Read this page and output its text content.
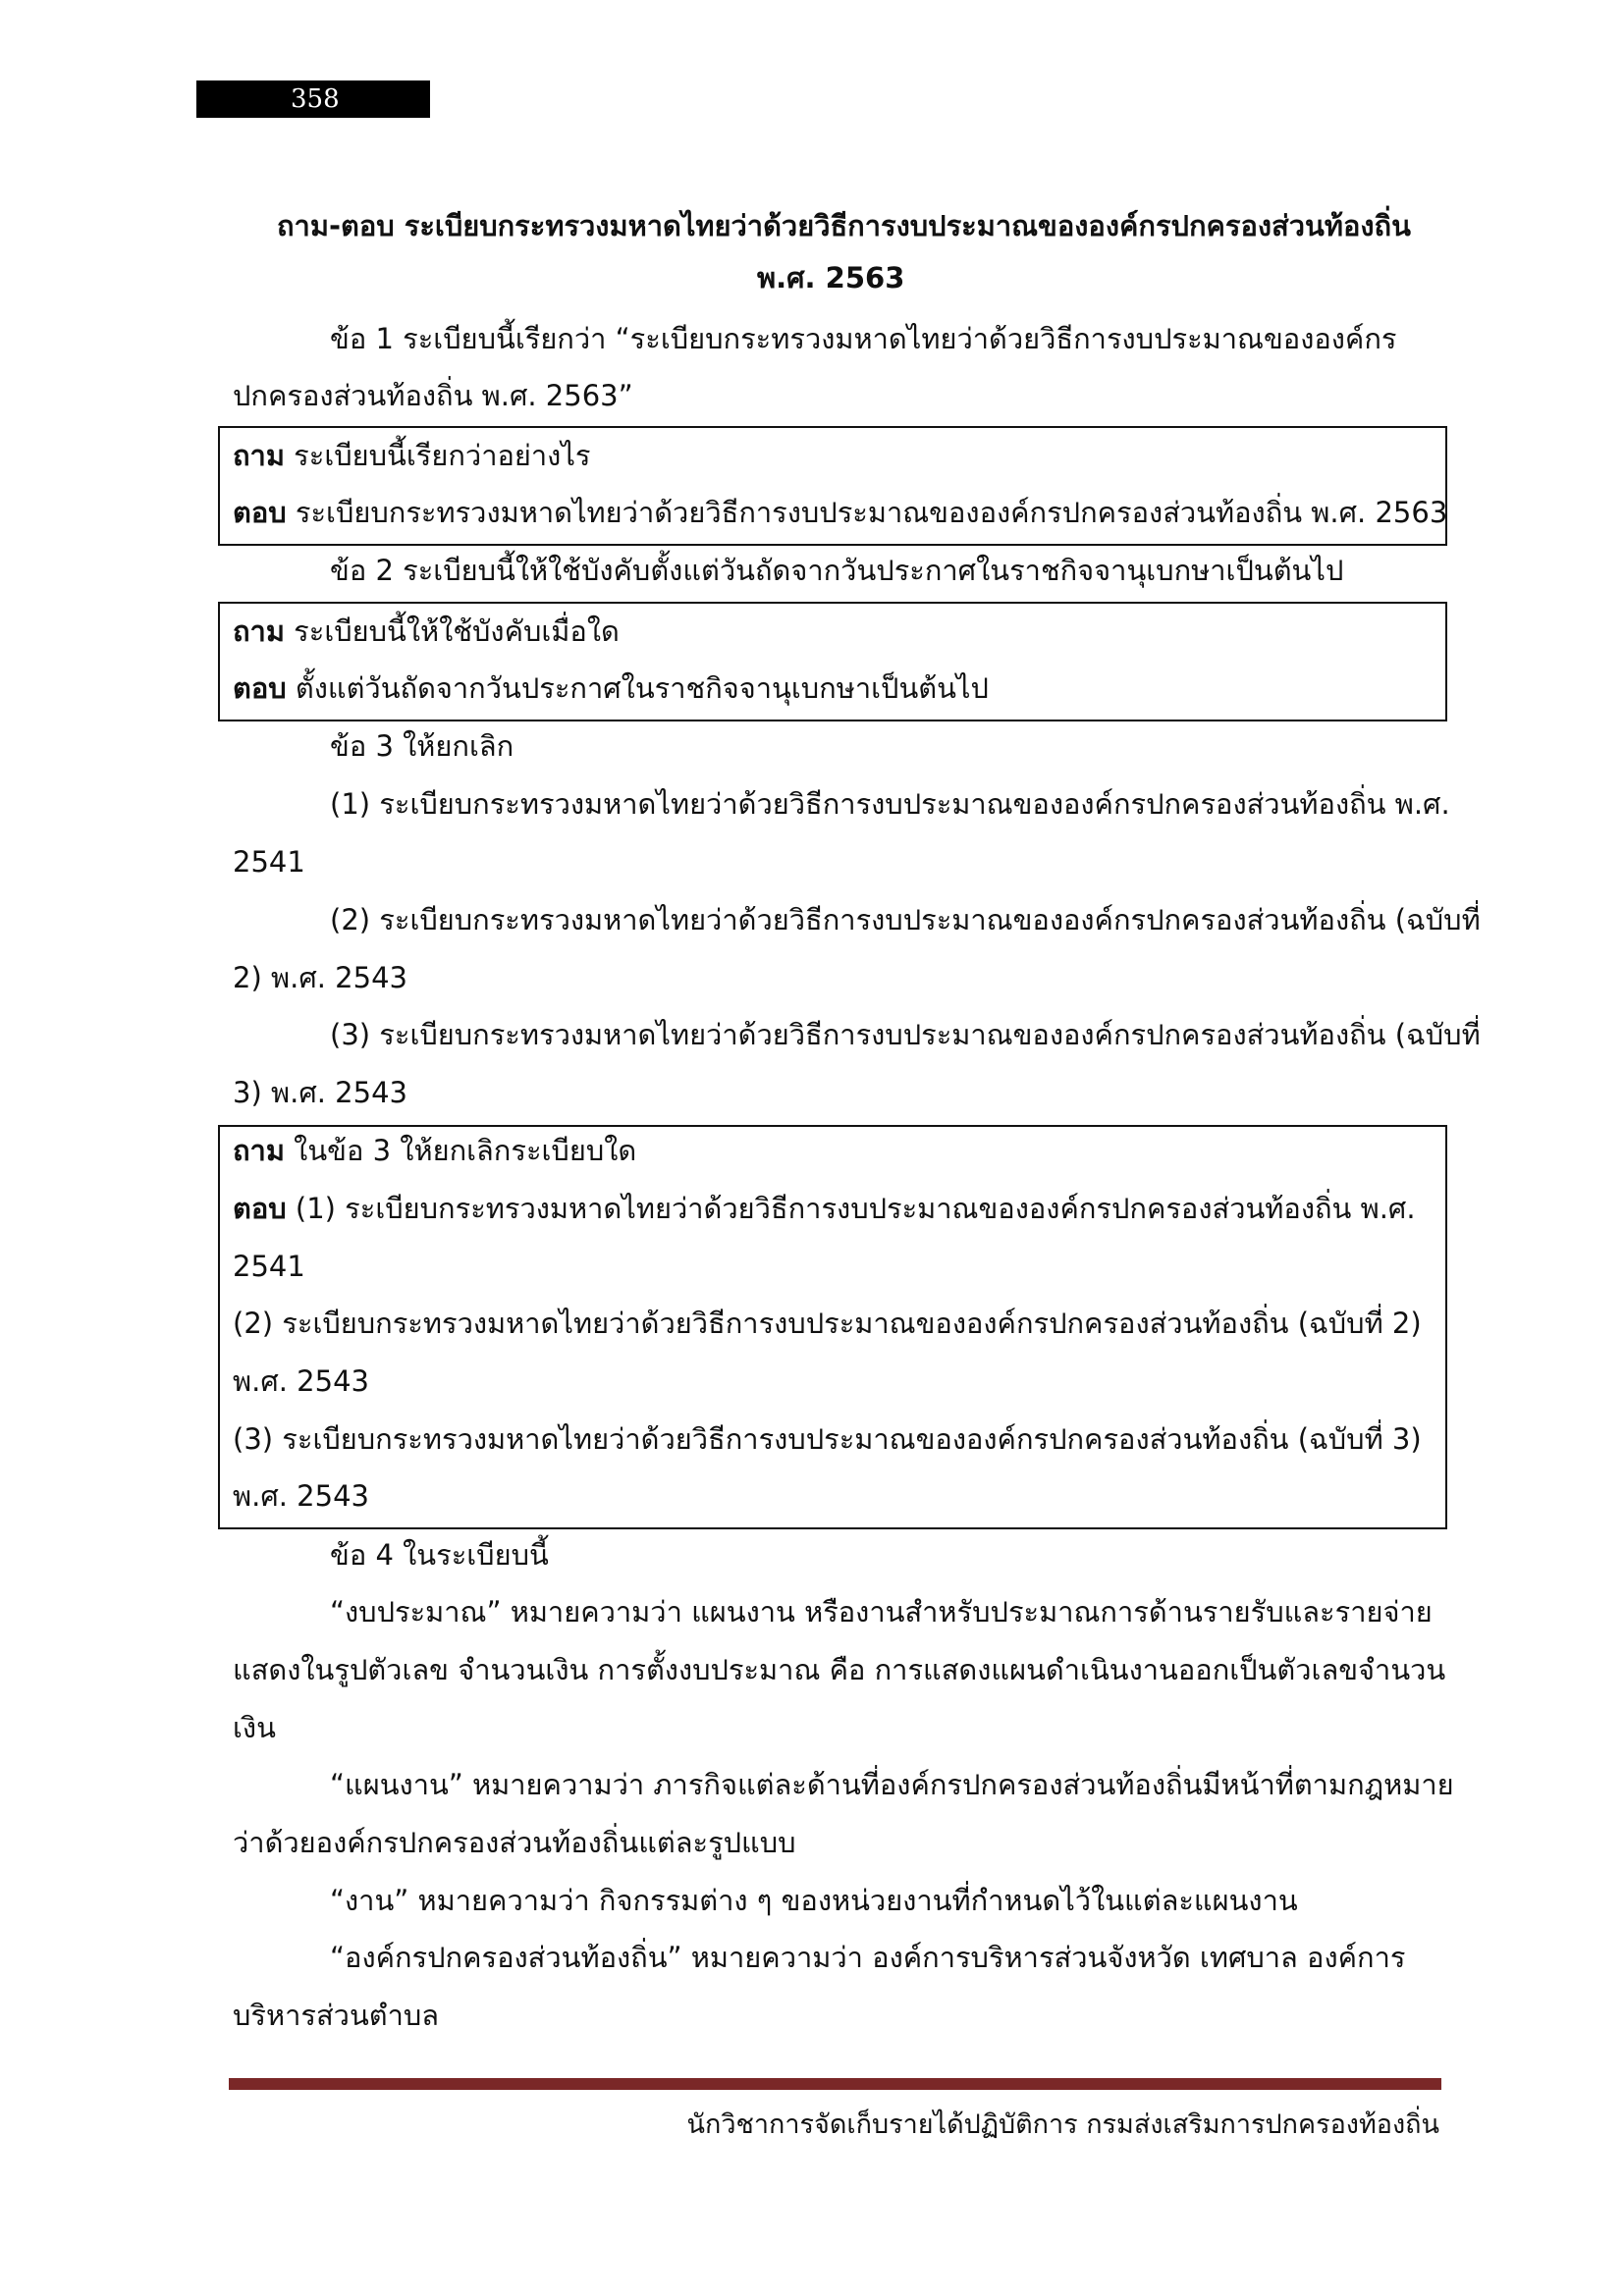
358
ถาม-ตอบ ระเบียบกระทรวงมหาดไทยว่าด้วยวิธีการงบประมาณขององค์กรปกครองส่วนท้องถิ่น
พ.ศ. 2563
ข้อ 1 ระเบียบนี้เรียกว่า “ระเบียบกระทรวงมหาดไทยว่าด้วยวิธีการงบประมาณขององค์กร
ปกครองส่วนท้องถิ่น พ.ศ. 2563”
ถาม ระเบียบนี้เรียกว่าอย่างไร
ตอบ ระเบียบกระทรวงมหาดไทยว่าด้วยวิธีการงบประมาณขององค์กรปกครองส่วนท้องถิ่น พ.ศ. 2563
ข้อ 2 ระเบียบนี้ให้ใช้บังคับตั้งแต่วันถัดจากวันประกาศในราชกิจจานุเบกษาเป็นต้นไป
ถาม ระเบียบนี้ให้ใช้บังคับเมื่อใด
ตอบ ตั้งแต่วันถัดจากวันประกาศในราชกิจจานุเบกษาเป็นต้นไป
ข้อ 3 ให้ยกเลิก
(1) ระเบียบกระทรวงมหาดไทยว่าด้วยวิธีการงบประมาณขององค์กรปกครองส่วนท้องถิ่น พ.ศ.
2541
(2) ระเบียบกระทรวงมหาดไทยว่าด้วยวิธีการงบประมาณขององค์กรปกครองส่วนท้องถิ่น (ฉบับที่
2) พ.ศ. 2543
(3) ระเบียบกระทรวงมหาดไทยว่าด้วยวิธีการงบประมาณขององค์กรปกครองส่วนท้องถิ่น (ฉบับที่
3) พ.ศ. 2543
ถาม ในข้อ 3 ให้ยกเลิกระเบียบใด
ตอบ (1) ระเบียบกระทรวงมหาดไทยว่าด้วยวิธีการงบประมาณขององค์กรปกครองส่วนท้องถิ่น พ.ศ.
2541
(2) ระเบียบกระทรวงมหาดไทยว่าด้วยวิธีการงบประมาณขององค์กรปกครองส่วนท้องถิ่น (ฉบับที่ 2)
พ.ศ. 2543
(3) ระเบียบกระทรวงมหาดไทยว่าด้วยวิธีการงบประมาณขององค์กรปกครองส่วนท้องถิ่น (ฉบับที่ 3)
พ.ศ. 2543
ข้อ 4 ในระเบียบนี้
“งบประมาณ” หมายความว่า แผนงาน หรืองานสำหรับประมาณการด้านรายรับและรายจ่าย
แสดงในรูปตัวเลข จำนวนเงิน การตั้งงบประมาณ คือ การแสดงแผนดำเนินงานออกเป็นตัวเลขจำนวน
เงิน
“แผนงาน” หมายความว่า ภารกิจแต่ละด้านที่องค์กรปกครองส่วนท้องถิ่นมีหน้าที่ตามกฎหมาย
ว่าด้วยองค์กรปกครองส่วนท้องถิ่นแต่ละรูปแบบ
“งาน” หมายความว่า กิจกรรมต่าง ๆ ของหน่วยงานที่กำหนดไว้ในแต่ละแผนงาน
“องค์กรปกครองส่วนท้องถิ่น” หมายความว่า องค์การบริหารส่วนจังหวัด เทศบาล องค์การ
บริหารส่วนตำบล
นักวิชาการจัดเก็บรายได้ปฏิบัติการ กรมส่งเสริมการปกครองท้องถิ่น
